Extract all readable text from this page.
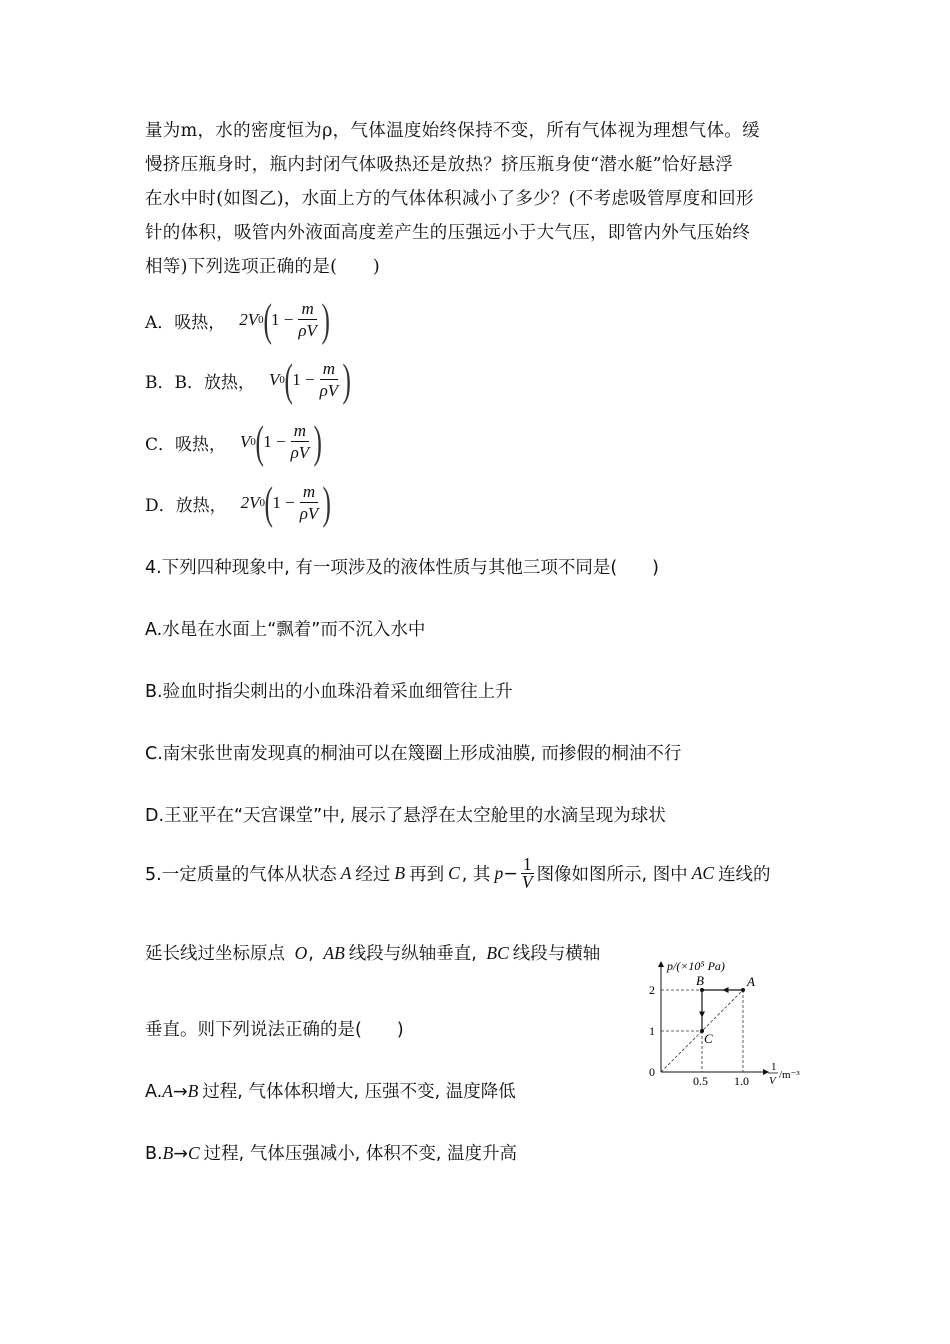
量为m，水的密度恒为ρ，气体温度始终保持不变，所有气体视为理想气体。缓
慢挤压瓶身时，瓶内封闭气体吸热还是放热？挤压瓶身使“潜水艇”恰好悬浮
在水中时(如图乙)，水面上方的气体体积减小了多少？(不考虑吸管厚度和回形
针的体积，吸管内外液面高度差产生的压强远小于大气压，即管内外气压始终
相等)下列选项正确的是(　　)
A．吸热， 2V 0 ( $1 - \frac{m}{\rho V}$ )
B．B．放热， V 0 ( $1 - \frac{m}{\rho V}$ )
C．吸热， V 0 ( $1 - \frac{m}{\rho V}$ )
D．放热， 2V 0 ( $1 - \frac{m}{\rho V}$ )
4.下列四种现象中, 有一项涉及的液体性质与其他三项不同是(　　)
A.水黾在水面上“飘着”而不沉入水中
B.验血时指尖刺出的小血珠沿着采血细管往上升
C.南宋张世南发现真的桐油可以在篾圈上形成油膜, 而掺假的桐油不行
D.王亚平在“天宫课堂”中, 展示了悬浮在太空舱里的水滴呈现为球状
5.一定质量的气体从状态 A 经过 B 再到 C , 其 $p - \frac{1}{V}$ 图像如图所示, 图中 AC 连线的
延长线过坐标原点 O, AB 线段与纵轴垂直, BC 线段与横轴
垂直。则下列说法正确的是(　　)
A.A→B 过程, 气体体积增大, 压强不变, 温度降低
B.B→C 过程, 气体压强减小, 体积不变, 温度升高
p/(×10⁵ Pa)
1
V /m⁻³
0
0.5 1.0
1
2
A
B
C
